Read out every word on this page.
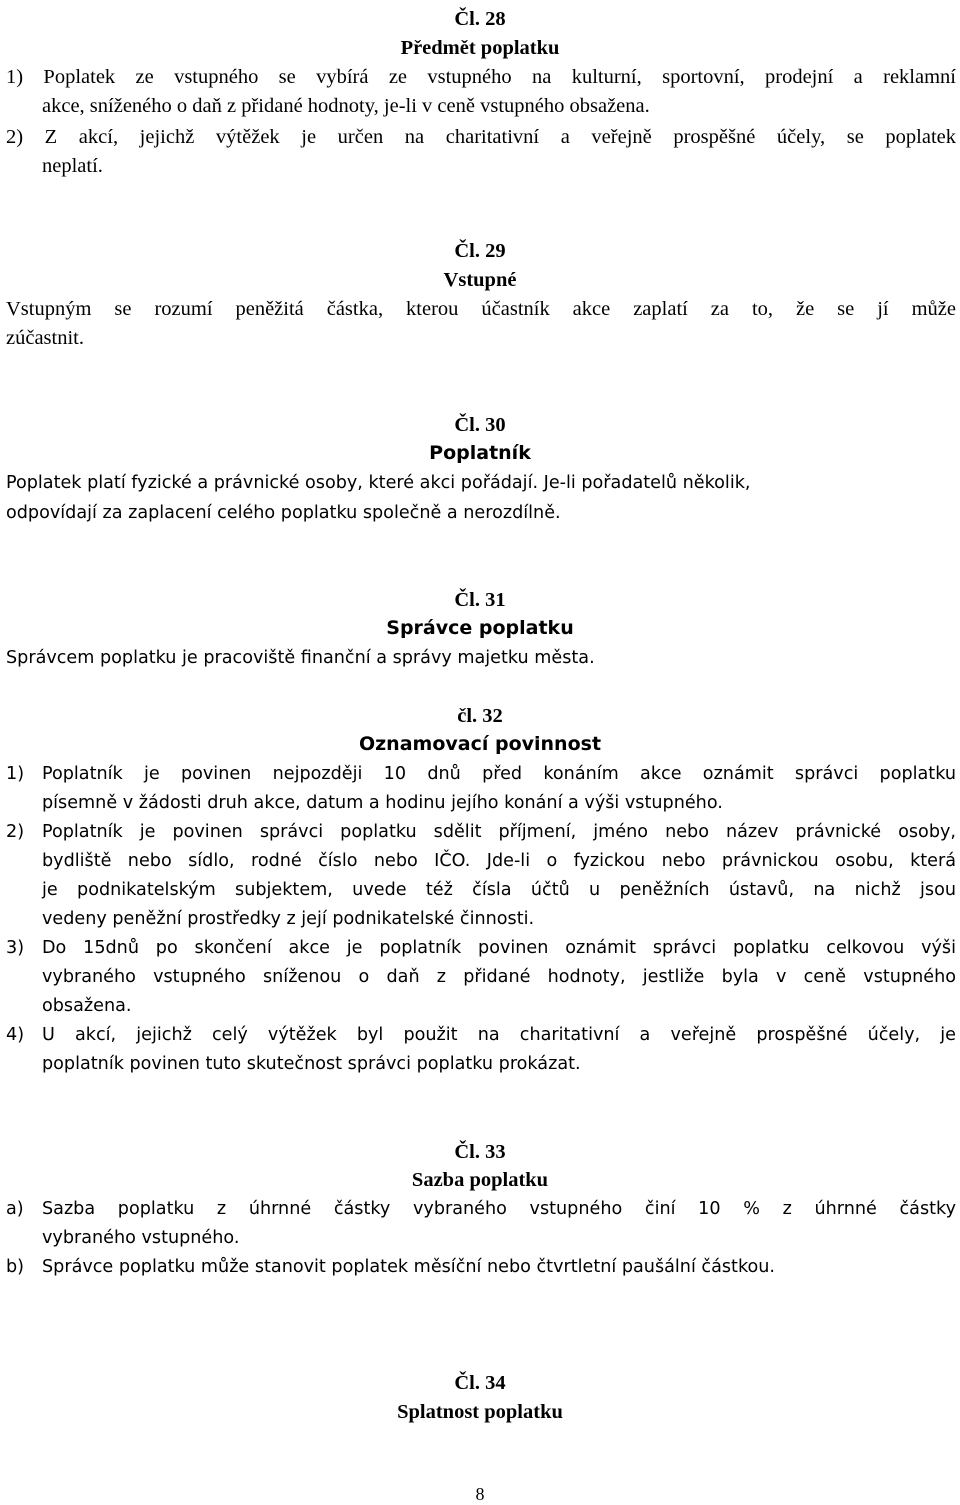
Čl. 28
Předmět poplatku
1) Poplatek ze vstupného se vybírá ze vstupného na kulturní, sportovní, prodejní a reklamní
akce, sníženého o daň z přidané hodnoty, je-li v ceně vstupného obsažena.
2) Z akcí, jejichž výtěžek je určen na charitativní a veřejně prospěšné účely, se poplatek
neplatí.
Čl. 29
Vstupné
Vstupným se rozumí peněžitá částka, kterou účastník akce zaplatí za to, že se jí může
zúčastnit.
Čl. 30
Poplatník
Poplatek platí fyzické a právnické osoby, které akci pořádají. Je-li pořadatelů několik,
odpovídají za zaplacení celého poplatku společně a nerozdílně.
Čl. 31
Správce poplatku
Správcem poplatku je pracoviště finanční a správy majetku města.
čl. 32
Oznamovací povinnost
1) Poplatník je povinen nejpozději 10 dnů před konáním akce oznámit správci poplatku
písemně v žádosti druh akce, datum a hodinu jejího konání a výši vstupného.
2) Poplatník je povinen správci poplatku sdělit příjmení, jméno nebo název právnické osoby,
bydliště nebo sídlo, rodné číslo nebo IČO. Jde-li o fyzickou nebo právnickou osobu, která
je podnikatelským subjektem, uvede též čísla účtů u peněžních ústavů, na nichž jsou
vedeny peněžní prostředky z její podnikatelské činnosti.
3) Do 15dnů po skončení akce je poplatník povinen oznámit správci poplatku celkovou výši
vybraného vstupného sníženou o daň z přidané hodnoty, jestliže byla v ceně vstupného
obsažena.
4) U akcí, jejichž celý výtěžek byl použit na charitativní a veřejně prospěšné účely, je
poplatník povinen tuto skutečnost správci poplatku prokázat.
Čl. 33
Sazba poplatku
a) Sazba poplatku z úhrnné částky vybraného vstupného činí 10 % z úhrnné částky
vybraného vstupného.
b) Správce poplatku může stanovit poplatek měsíční nebo čtvrtletní paušální částkou.
Čl. 34
Splatnost poplatku
8
